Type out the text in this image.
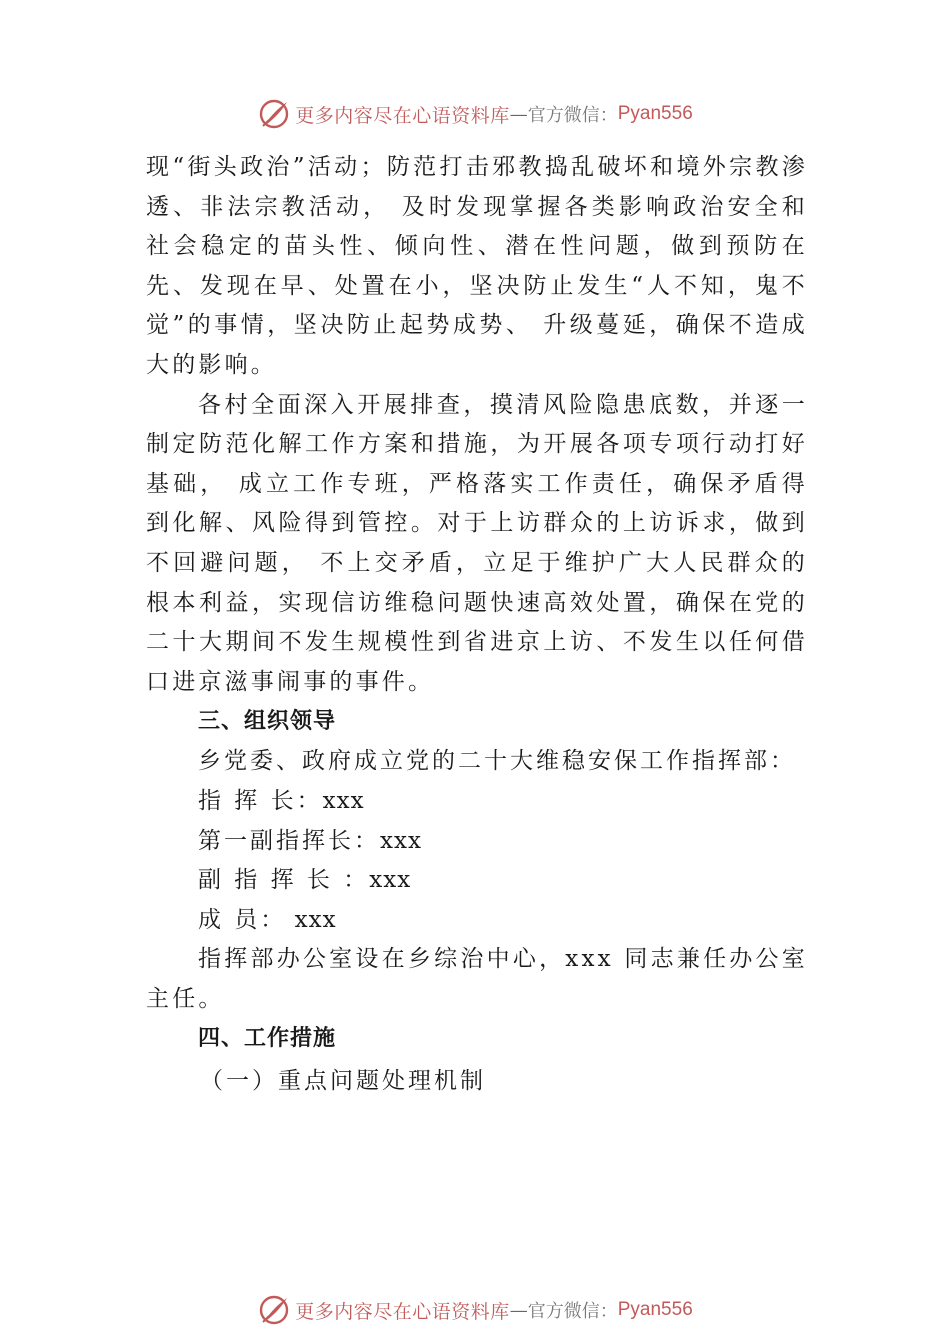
更多内容尽在心语资料库 — 官方微信： Pyan556

现“街头政治”活动；防范打击邪教捣乱破坏和境外宗教渗透、非法宗教活动， 及时发现掌握各类影响政治安全和社会稳定的苗头性、倾向性、潜在性问题，做到预防在先、发现在早、处置在小，坚决防止发生“人不知，鬼不觉”的事情，坚决防止起势成势、 升级蔓延，确保不造成大的影响。

各村全面深入开展排查，摸清风险隐患底数，并逐一制定防范化解工作方案和措施，为开展各项专项行动打好基础， 成立工作专班，严格落实工作责任，确保矛盾得到化解、风险得到管控。对于上访群众的上访诉求，做到不回避问题， 不上交矛盾，立足于维护广大人民群众的根本利益，实现信访维稳问题快速高效处置，确保在党的二十大期间不发生规模性到省进京上访、不发生以任何借口进京滋事闹事的事件。

三、组织领导

乡党委、政府成立党的二十大维稳安保工作指挥部：

指 挥 长：xxx

第一副指挥长：xxx

副 指 挥 长 ：xxx

成 员： xxx

指挥部办公室设在乡综治中心，xxx 同志兼任办公室主任。

四、工作措施

（一）重点问题处理机制

更多内容尽在心语资料库 — 官方微信： Pyan556
